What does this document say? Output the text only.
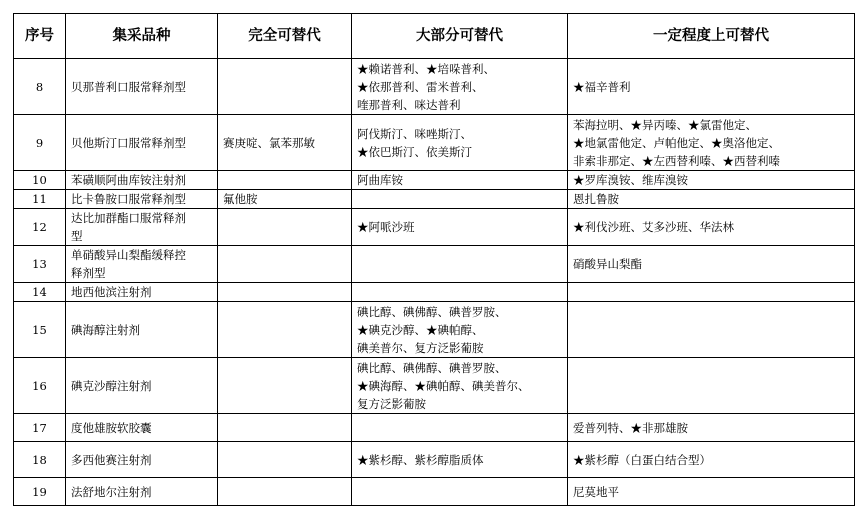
序号	集采品种	完全可替代	大部分可替代	一定程度上可替代
8	贝那普利口服常释剂型		★赖诺普利、★培哚普利、
★依那普利、雷米普利、
喹那普利、咪达普利	★福辛普利

9	贝他斯汀口服常释剂型	赛庚啶、氯苯那敏	阿伐斯汀、咪唑斯汀、
★依巴斯汀、依美斯汀	苯海拉明、★异丙嗪、★氯雷他定、
★地氯雷他定、卢帕他定、★奥洛他定、
非索非那定、★左西替利嗪、★西替利嗪

10	苯磺顺阿曲库铵注射剂		阿曲库铵	★罗库溴铵、维库溴铵

11	比卡鲁胺口服常释剂型	氟他胺		恩扎鲁胺

12	达比加群酯口服常释剂
型		★阿哌沙班	★利伐沙班、艾多沙班、华法林

13	单硝酸异山梨酯缓释控
释剂型			硝酸异山梨酯

14	地西他滨注射剂			

15	碘海醇注射剂		碘比醇、碘佛醇、碘普罗胺、
★碘克沙醇、★碘帕醇、
碘美普尔、复方泛影葡胺	

16	碘克沙醇注射剂		碘比醇、碘佛醇、碘普罗胺、
★碘海醇、★碘帕醇、碘美普尔、
复方泛影葡胺	

17	度他雄胺软胶囊			爱普列特、★非那雄胺

18	多西他赛注射剂		★紫杉醇、紫杉醇脂质体	★紫杉醇（白蛋白结合型）

19	法舒地尔注射剂			尼莫地平
